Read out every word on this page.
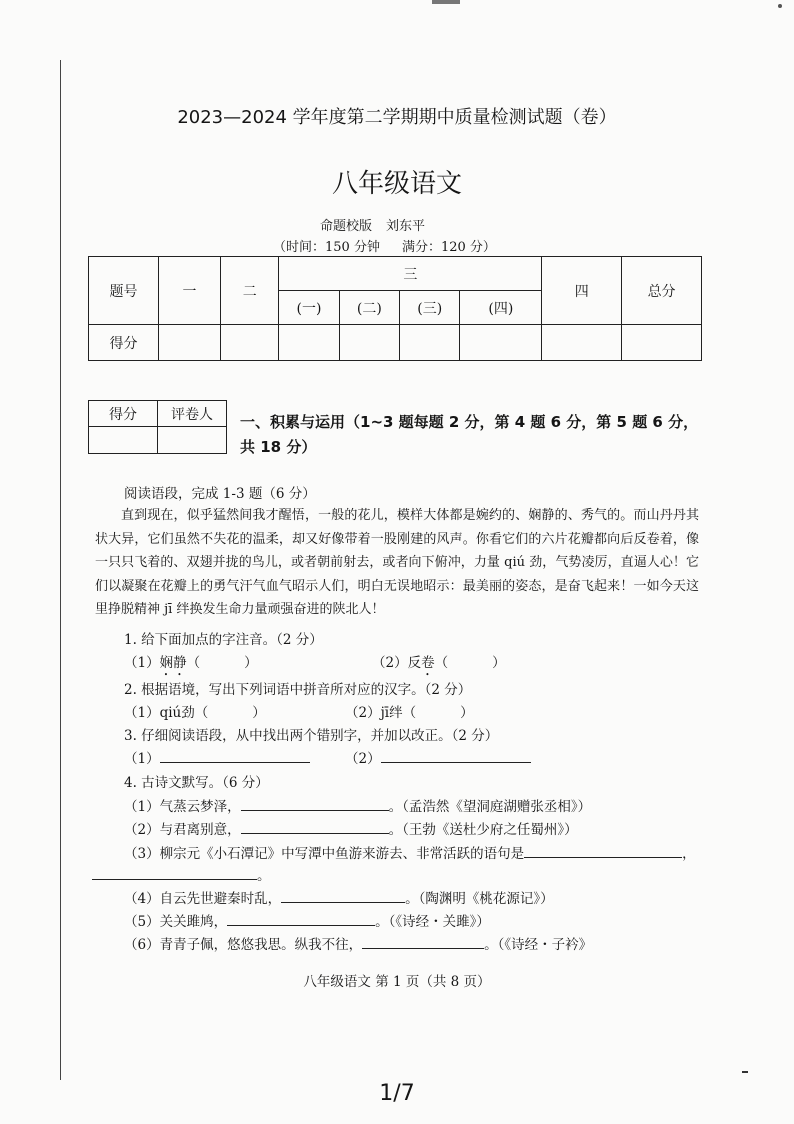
2023—2024 学年度第二学期期中质量检测试题（卷）
八年级语文
命题校版 刘东平
（时间：150 分钟 满分：120 分）
题号	一	二	三				四	总分
			(一)	(二)	(三)	(四)		
得分								
得分	评卷人
	一、积累与运用（1~3 题每题 2 分，第 4 题 6 分，第 5 题 6 分，共 18 分）
阅读语段，完成 1-3 题（6 分）

直到现在，似乎猛然间我才醒悟，一般的花儿，模样大体都是婉约的、娴静的、秀气的。而山丹丹其状大异，它们虽然不失花的温柔，却又好像带着一股刚建的风声。你看它们的六片花瓣都向后反卷着，像一只只飞着的、双翅并拢的鸟儿，或者朝前射去，或者向下俯冲，力量 qiú 劲，气势凌厉，直逼人心！它们以凝聚在花瓣上的勇气汗气血气昭示人们，明白无误地昭示：最美丽的姿态，是奋飞起来！一如今天这里挣脱精神 jī 绊换发生命力量顽强奋进的陕北人！

1. 给下面加点的字注音。（2 分）
（1）娴静（	）	（2）反卷（	）
2. 根据语境，写出下列词语中拼音所对应的汉字。（2 分）
（1）qiú劲（	）	（2）jī绊（	）
3. 仔细阅读语段，从中找出两个错别字，并加以改正。（2 分）
（1）	（2）
4. 古诗文默写。（6 分）
（1）气蒸云梦泽，	。（孟浩然《望洞庭湖赠张丞相》）
（2）与君离别意，	。（王勃《送杜少府之任蜀州》）
（3）柳宗元《小石潭记》中写潭中鱼游来游去、非常活跃的语句是	，
。
（4）自云先世避秦时乱，	。（陶渊明《桃花源记》）
（5）关关雎鸠，	。（《诗经・关雎》）
（6）青青子佩，悠悠我思。纵我不往，	。（《诗经・子衿》
八年级语文 第 1 页（共 8 页）
1/7
